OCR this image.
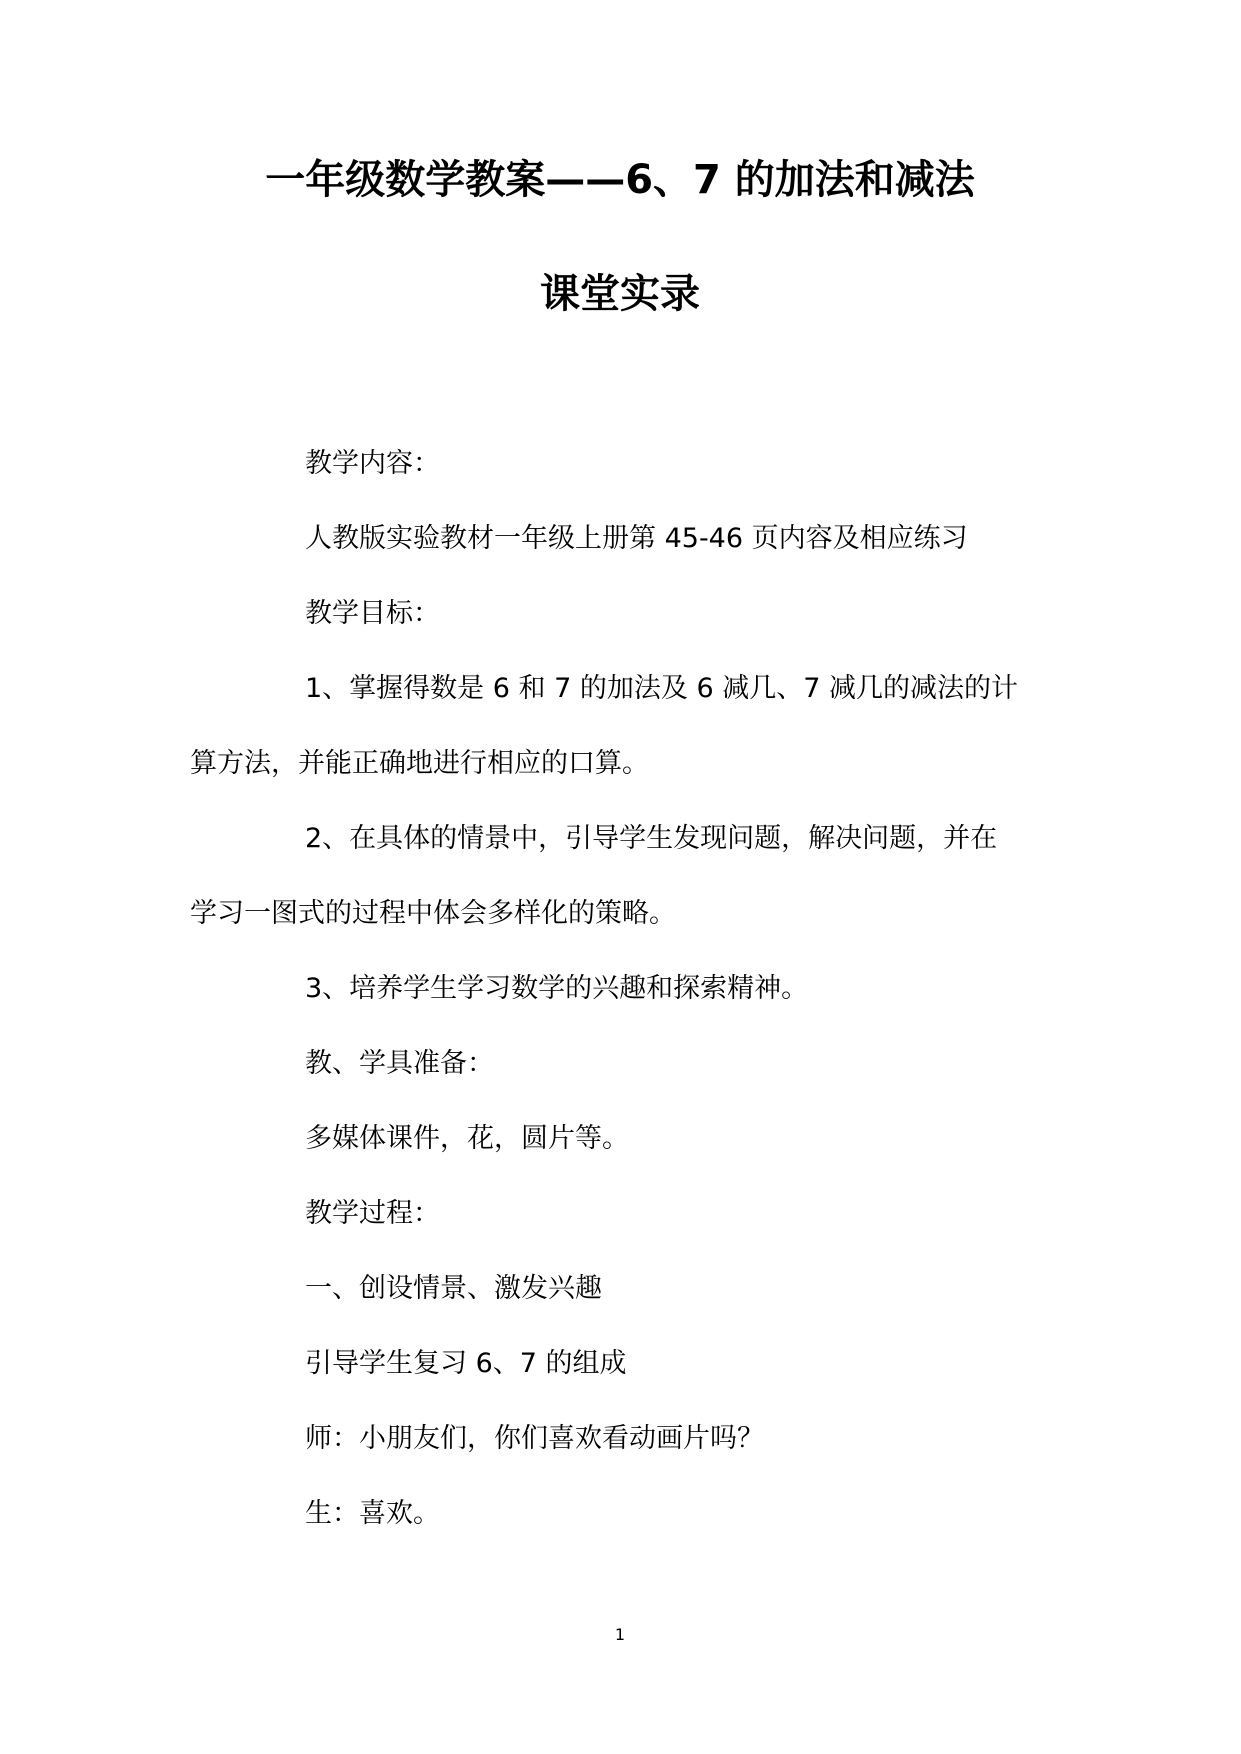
一年级数学教案——6、7 的加法和减法
课堂实录
教学内容：
人教版实验教材一年级上册第 45-46 页内容及相应练习
教学目标：
1、掌握得数是 6 和 7 的加法及 6 减几、7 减几的减法的计
算方法，并能正确地进行相应的口算。
2、在具体的情景中，引导学生发现问题，解决问题，并在
学习一图式的过程中体会多样化的策略。
3、培养学生学习数学的兴趣和探索精神。
教、学具准备：
多媒体课件，花，圆片等。
教学过程：
一、创设情景、激发兴趣
引导学生复习 6、7 的组成
师：小朋友们，你们喜欢看动画片吗？
生：喜欢。
1
